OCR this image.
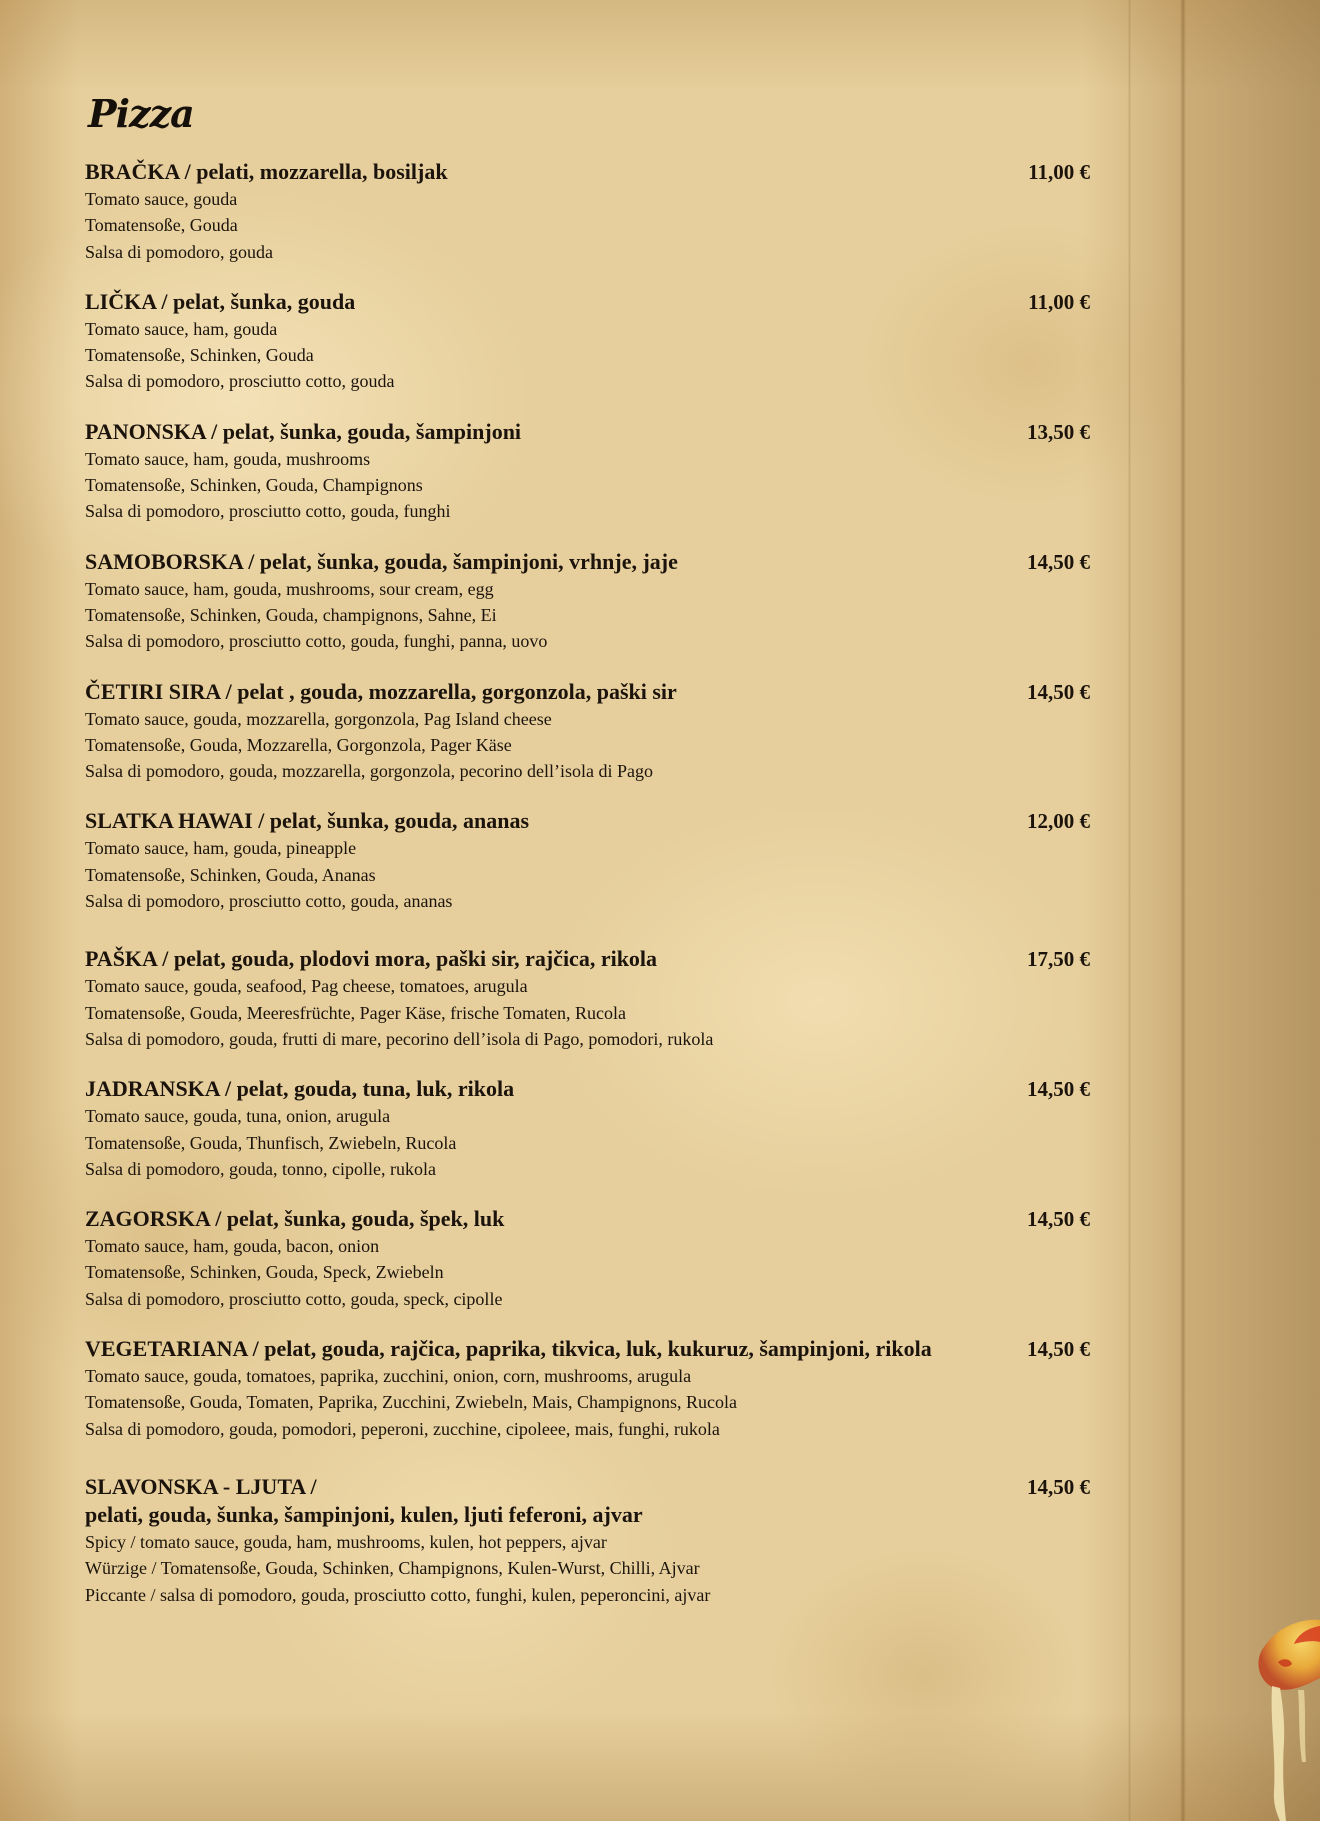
Pizza

BRAČKA / pelati, mozzarella, bosiljak

Tomato sauce, gouda

Tomatensoße, Gouda

Salsa di pomodoro, gouda

11,00 €

LIČKA / pelat, šunka, gouda

Tomato sauce, ham, gouda

Tomatensoße, Schinken, Gouda

Salsa di pomodoro, prosciutto cotto, gouda

11,00 €

PANONSKA / pelat, šunka, gouda, šampinjoni

Tomato sauce, ham, gouda, mushrooms

Tomatensoße, Schinken, Gouda, Champignons

Salsa di pomodoro, prosciutto cotto, gouda, funghi

13,50 €

SAMOBORSKA / pelat, šunka, gouda, šampinjoni, vrhnje, jaje

Tomato sauce, ham, gouda, mushrooms, sour cream, egg

Tomatensoße, Schinken, Gouda, champignons, Sahne, Ei

Salsa di pomodoro, prosciutto cotto, gouda, funghi, panna, uovo

14,50 €

ČETIRI SIRA / pelat , gouda, mozzarella, gorgonzola, paški sir

Tomato sauce, gouda, mozzarella, gorgonzola, Pag Island cheese

Tomatensoße, Gouda, Mozzarella, Gorgonzola, Pager Käse

Salsa di pomodoro, gouda, mozzarella, gorgonzola, pecorino dell’isola di Pago

14,50 €

SLATKA HAWAI / pelat, šunka, gouda, ananas

Tomato sauce, ham, gouda, pineapple

Tomatensoße, Schinken, Gouda, Ananas

Salsa di pomodoro, prosciutto cotto, gouda, ananas

12,00 €

PAŠKA / pelat, gouda, plodovi mora, paški sir, rajčica, rikola

Tomato sauce, gouda, seafood, Pag cheese, tomatoes, arugula

Tomatensoße, Gouda, Meeresfrüchte, Pager Käse, frische Tomaten, Rucola

Salsa di pomodoro, gouda, frutti di mare, pecorino dell’isola di Pago, pomodori, rukola

17,50 €

JADRANSKA / pelat, gouda, tuna, luk, rikola

Tomato sauce, gouda, tuna, onion, arugula

Tomatensoße, Gouda, Thunfisch, Zwiebeln, Rucola

Salsa di pomodoro, gouda, tonno, cipolle, rukola

14,50 €

ZAGORSKA / pelat, šunka, gouda, špek, luk

Tomato sauce, ham, gouda, bacon, onion

Tomatensoße, Schinken, Gouda, Speck, Zwiebeln

Salsa di pomodoro, prosciutto cotto, gouda, speck, cipolle

14,50 €

VEGETARIANA / pelat, gouda, rajčica, paprika, tikvica, luk, kukuruz, šampinjoni, rikola

Tomato sauce, gouda, tomatoes, paprika, zucchini, onion, corn, mushrooms, arugula

Tomatensoße, Gouda, Tomaten, Paprika, Zucchini, Zwiebeln, Mais, Champignons, Rucola

Salsa di pomodoro, gouda, pomodori, peperoni, zucchine, cipoleee, mais, funghi, rukola

14,50 €

SLAVONSKA - LJUTA /

pelati, gouda, šunka, šampinjoni, kulen, ljuti feferoni, ajvar

Spicy / tomato sauce, gouda, ham, mushrooms, kulen, hot peppers, ajvar

Würzige / Tomatensoße, Gouda, Schinken, Champignons, Kulen-Wurst, Chilli, Ajvar

Piccante / salsa di pomodoro, gouda, prosciutto cotto, funghi, kulen, peperoncini, ajvar

14,50 €
